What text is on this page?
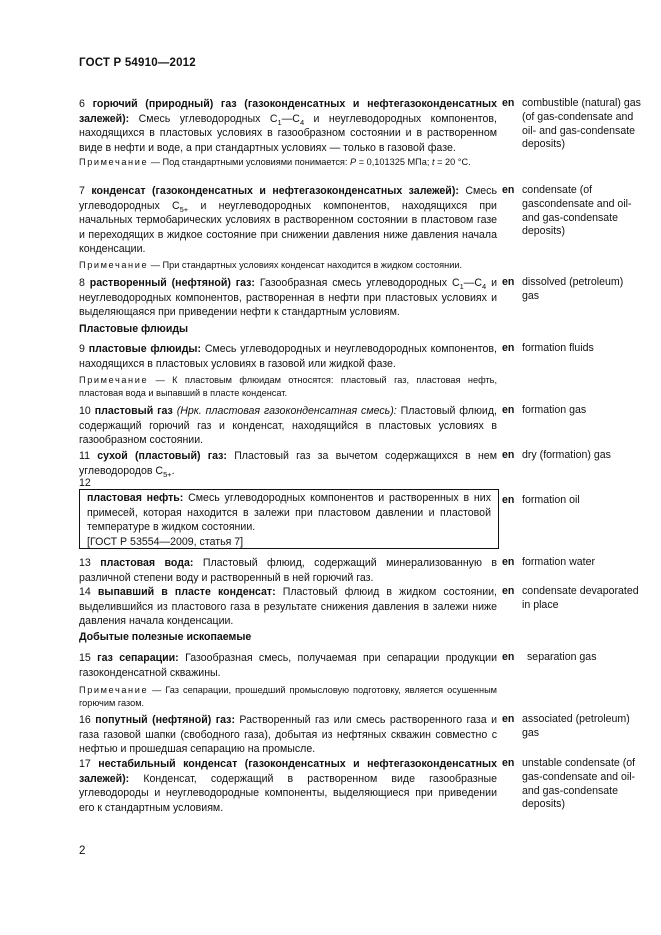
ГОСТ Р 54910—2012
6 горючий (природный) газ (газоконденсатных и нефтегазоконденсатных залежей): Смесь углеводородных $С_1—С_4$ и неуглеводородных компонентов, находящихся в пластовых условиях в газообразном состоянии и в растворенном виде в нефти и воде, а при стандартных условиях — только в газовой фазе.
en combustible (natural) gas (of gas-condensate and oil- and gas-condensate deposits)
Примечание — Под стандартными условиями понимается: P = 0,101325 МПа; t = 20 °С.
7 конденсат (газоконденсатных и нефтегазоконденсатных залежей): Смесь углеводородных $С_{5+}$ и неуглеводородных компонентов, находящихся при начальных термобарических условиях в растворенном состоянии в пластовом газе и переходящих в жидкое состояние при снижении давления ниже давления начала конденсации.
en condensate (of gascondensate and oil- and gas-condensate deposits)
Примечание — При стандартных условиях конденсат находится в жидком состоянии.
8 растворенный (нефтяной) газ: Газообразная смесь углеводородных $С_1—С_4$ и неуглеводородных компонентов, растворенная в нефти при пластовых условиях и выделяющаяся при приведении нефти к стандартным условиям.
en dissolved (petroleum) gas
Пластовые флюиды
9 пластовые флюиды: Смесь углеводородных и неуглеводородных компонентов, находящихся в пластовых условиях в газовой или жидкой фазе.
en formation fluids
Примечание — К пластовым флюидам относятся: пластовый газ, пластовая нефть, пластовая вода и выпавший в пласте конденсат.
10 пластовый газ (Нрк. пластовая газоконденсатная смесь): Пластовый флюид, содержащий горючий газ и конденсат, находящийся в пластовых условиях в газообразном состоянии.
en formation gas
11 сухой (пластовый) газ: Пластовый газ за вычетом содержащихся в нем углеводородов $С_{5+}$.
en dry (formation) gas
12
пластовая нефть: Смесь углеводородных компонентов и растворенных в них примесей, которая находится в залежи при пластовом давлении и пластовой температуре в жидком состоянии.
[ГОСТ Р 53554—2009, статья 7]
en formation oil
13 пластовая вода: Пластовый флюид, содержащий минерализованную в различной степени воду и растворенный в ней горючий газ.
en formation water
14 выпавший в пласте конденсат: Пластовый флюид в жидком состоянии, выделившийся из пластового газа в результате снижения давления в залежи ниже давления начала конденсации.
en condensate devaporated in place
Добытые полезные ископаемые
15 газ сепарации: Газообразная смесь, получаемая при сепарации продукции газоконденсатной скважины.
en separation gas
Примечание — Газ сепарации, прошедший промысловую подготовку, является осушенным горючим газом.
16 попутный (нефтяной) газ: Растворенный газ или смесь растворенного газа и газа газовой шапки (свободного газа), добытая из нефтяных скважин совместно с нефтью и прошедшая сепарацию на промысле.
en associated (petroleum) gas
17 нестабильный конденсат (газоконденсатных и нефтегазоконденсатных залежей): Конденсат, содержащий в растворенном виде газообразные углеводороды и неуглеводородные компоненты, выделяющиеся при приведении его к стандартным условиям.
en unstable condensate (of gas-condensate and oil- and gas-condensate deposits)
2
